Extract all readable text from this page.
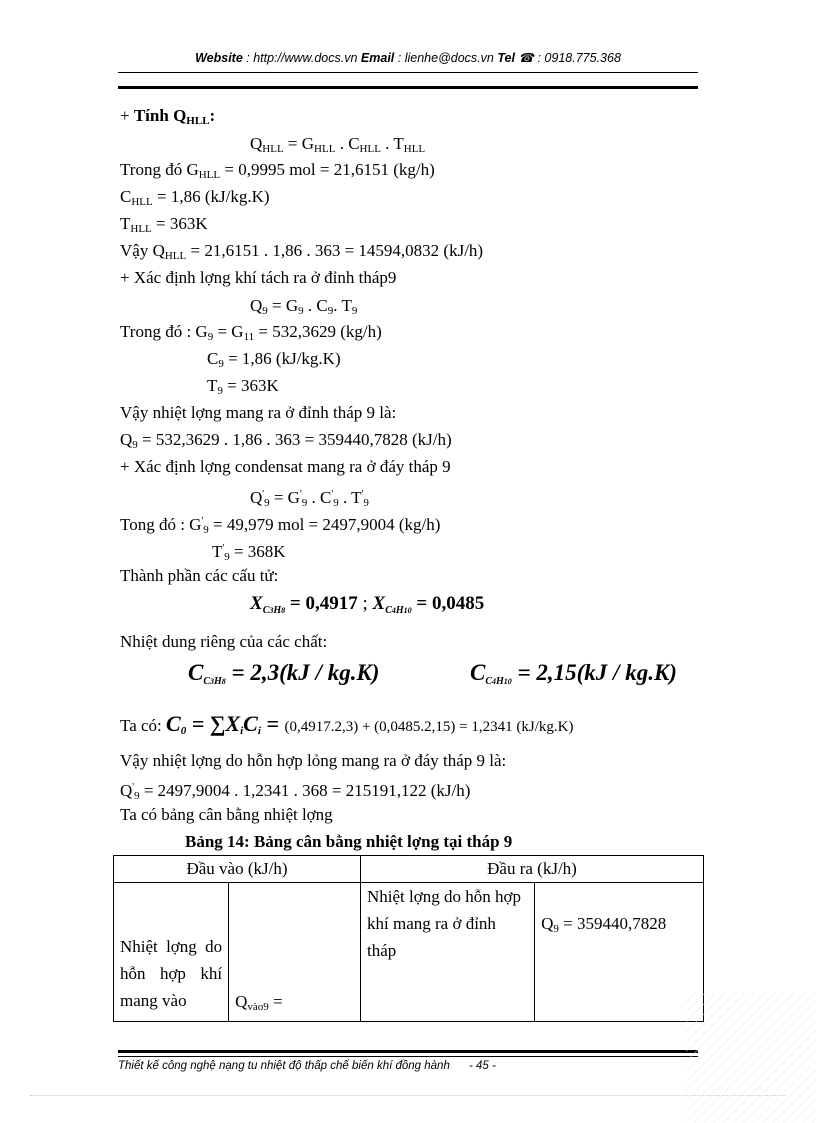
Website : http://www.docs.vn Email : lienhe@docs.vn Tel ☎ : 0918.775.368
+ Tính $Q_{HLL}$:
$Q_{HLL} = G_{HLL}$ . $C_{HLL}$ . $T_{HLL}$
Trong đó $G_{HLL} = 0,9995$ mol = 21,6151 (kg/h)
$C_{HLL} = 1,86$ (kJ/kg.K)
$T_{HLL} = 363K$
Vậy $Q_{HLL} = 21,6151$ . 1,86 . 363 = 14594,0832 (kJ/h)
+ Xác định lợng khí tách ra ở đỉnh tháp9
$Q_9 = G_9$ . $C_9$. $T_9$
Trong đó : $G_9 = G_{11} = 532,3629$ (kg/h)
$C_9 = 1,86$ (kJ/kg.K)
$T_9 = 363K$
Vậy nhiệt lợng mang ra ở đỉnh tháp 9 là:
$Q_9 = 532,3629$ . 1,86 . 363 = 359440,7828 (kJ/h)
+ Xác định lợng condensat mang ra ở đáy tháp 9
$Q'_9 = G'_9$ . $C'_9$ . $T'_9$
Tong đó : $G'_9 = 49,979$ mol = 2497,9004 (kg/h)
$T'_9 = 368K$
Thành phần các cấu tử:
$X_{C3H8} = 0,4917$ ; $X_{C4H10} = 0,0485$
Nhiệt dung riêng của các chất:
CC3H8 = 2,3(kJ / kg.K)	CC4H10 = 2,15(kJ / kg.K)
Ta có: $C_0 = \sum X_iC_i = (0,4917.2,3) + (0,0485.2,15) = 1,2341$ (kJ/kg.K)
Vậy nhiệt lợng do hỗn hợp lỏng mang ra ở đáy tháp 9 là:
$Q'_9 = 2497,9004$ . 1,2341 . 368 = 215191,122 (kJ/h)
Ta có bảng cân bằng nhiệt lợng
Bảng 14: Bảng cân bằng nhiệt lợng tại tháp 9
Đầu vào (kJ/h)		Đầu ra (kJ/h)	
Nhiệt lợng do hỗn hợp khí mang vào	$Q_{vào9}$ =	Nhiệt lợng do hỗn hợp khí mang ra ở đỉnh tháp	$Q_9 = 359440,7828$
Thiết kế công nghệ nạng tu nhiệt độ thấp chế biến khí đồng hành - 45 -
